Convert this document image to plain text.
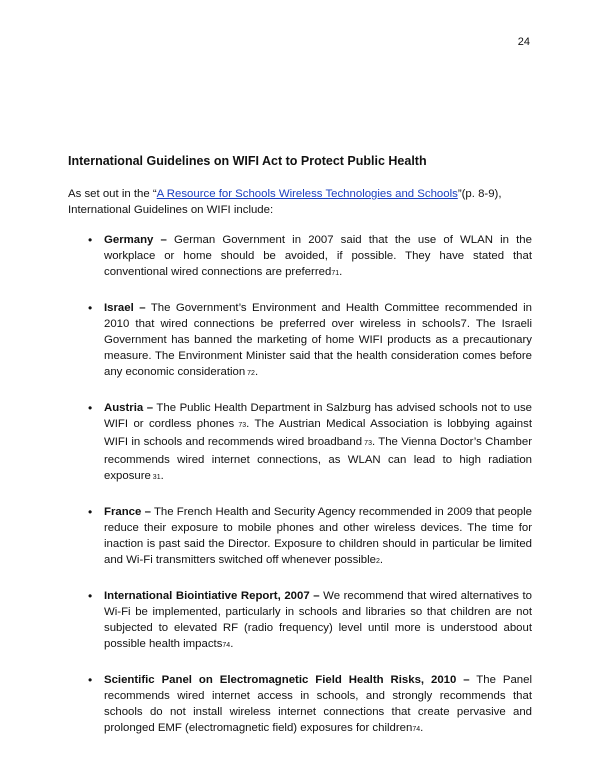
24
International Guidelines on WIFI Act to Protect Public Health

As set out in the “A Resource for Schools Wireless Technologies and Schools”(p. 8-9), International Guidelines on WIFI include:

• Germany – German Government in 2007 said that the use of WLAN in the workplace or home should be avoided, if possible. They have stated that conventional wired connections are preferred71.
• Israel – The Government’s Environment and Health Committee recommended in 2010 that wired connections be preferred over wireless in schools7. The Israeli Government has banned the marketing of home WIFI products as a precautionary measure. The Environment Minister said that the health consideration comes before any economic consideration 72.
• Austria – The Public Health Department in Salzburg has advised schools not to use WIFI or cordless phones 73. The Austrian Medical Association is lobbying against WIFI in schools and recommends wired broadband 73. The Vienna Doctor’s Chamber recommends wired internet connections, as WLAN can lead to high radiation exposure 31.
• France – The French Health and Security Agency recommended in 2009 that people reduce their exposure to mobile phones and other wireless devices. The time for inaction is past said the Director. Exposure to children should in particular be limited and Wi-Fi transmitters switched off whenever possible2.
• International Biointiative Report, 2007 – We recommend that wired alternatives to Wi-Fi be implemented, particularly in schools and libraries so that children are not subjected to elevated RF (radio frequency) level until more is understood about possible health impacts74.
• Scientific Panel on Electromagnetic Field Health Risks, 2010 – The Panel recommends wired internet access in schools, and strongly recommends that schools do not install wireless internet connections that create pervasive and prolonged EMF (electromagnetic field) exposures for children74.
